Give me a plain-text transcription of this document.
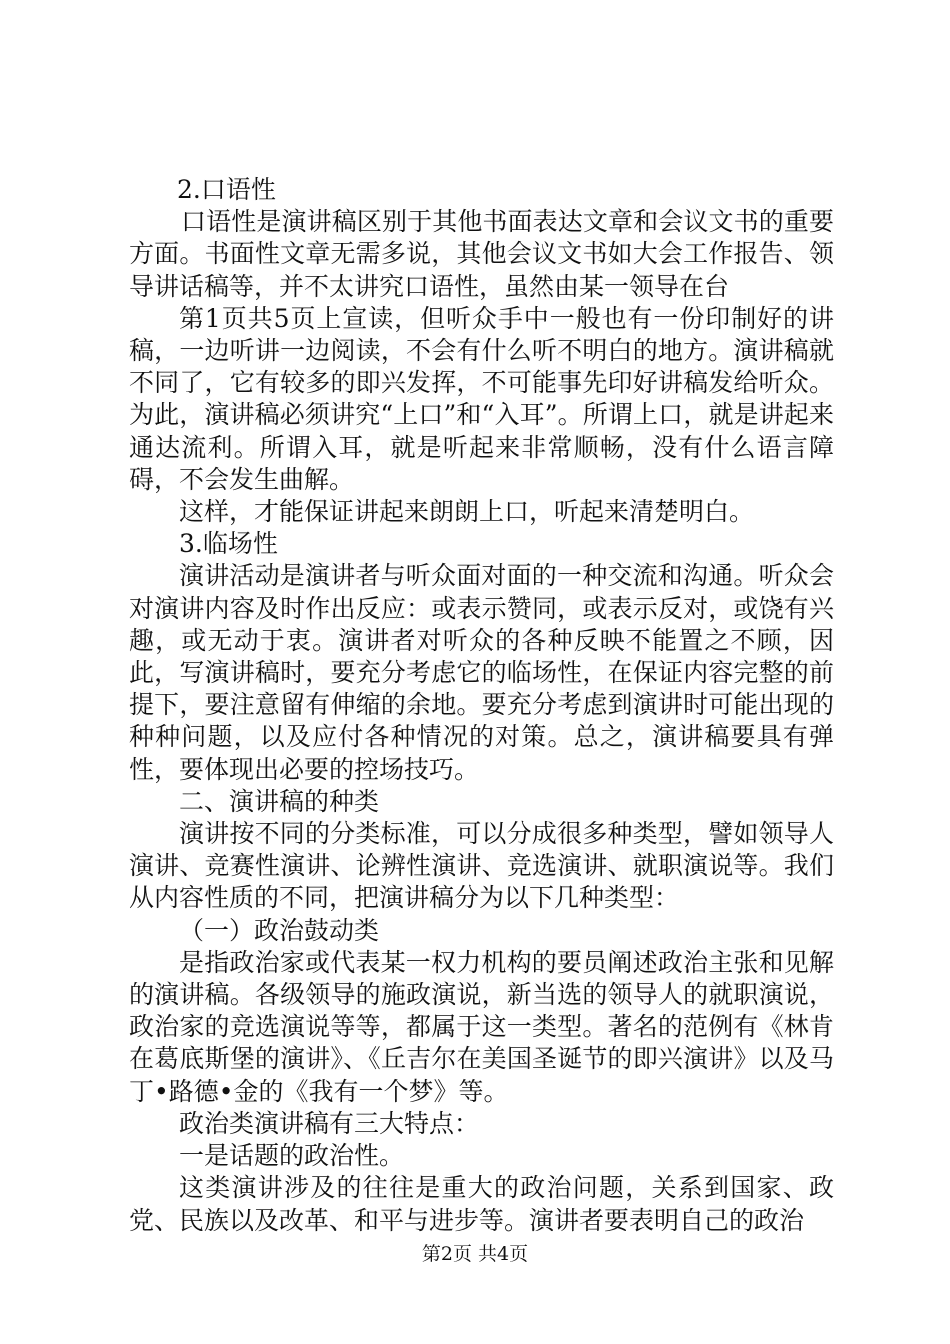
2.口语性

口语性是演讲稿区别于其他书面表达文章和会议文书的重要方面。书面性文章无需多说，其他会议文书如大会工作报告、领导讲话稿等，并不太讲究口语性，虽然由某一领导在台

第1页共5页上宣读，但听众手中一般也有一份印制好的讲稿，一边听讲一边阅读，不会有什么听不明白的地方。演讲稿就不同了，它有较多的即兴发挥，不可能事先印好讲稿发给听众。为此，演讲稿必须讲究“上口”和“入耳”。所谓上口，就是讲起来通达流利。所谓入耳，就是听起来非常顺畅，没有什么语言障碍，不会发生曲解。

这样，才能保证讲起来朗朗上口，听起来清楚明白。

3.临场性

演讲活动是演讲者与听众面对面的一种交流和沟通。听众会对演讲内容及时作出反应：或表示赞同，或表示反对，或饶有兴趣，或无动于衷。演讲者对听众的各种反映不能置之不顾，因此，写演讲稿时，要充分考虑它的临场性，在保证内容完整的前提下，要注意留有伸缩的余地。要充分考虑到演讲时可能出现的种种问题，以及应付各种情况的对策。总之，演讲稿要具有弹性，要体现出必要的控场技巧。

二、演讲稿的种类

演讲按不同的分类标准，可以分成很多种类型，譬如领导人演讲、竞赛性演讲、论辨性演讲、竞选演讲、就职演说等。我们从内容性质的不同，把演讲稿分为以下几种类型：

（一）政治鼓动类

是指政治家或代表某一权力机构的要员阐述政治主张和见解的演讲稿。各级领导的施政演说，新当选的领导人的就职演说，政治家的竞选演说等等，都属于这一类型。著名的范例有《林肯在葛底斯堡的演讲》、《丘吉尔在美国圣诞节的即兴演讲》以及马丁•路德•金的《我有一个梦》等。

政治类演讲稿有三大特点：

一是话题的政治性。

这类演讲涉及的往往是重大的政治问题，关系到国家、政党、民族以及改革、和平与进步等。演讲者要表明自己的政治

第2页 共4页
